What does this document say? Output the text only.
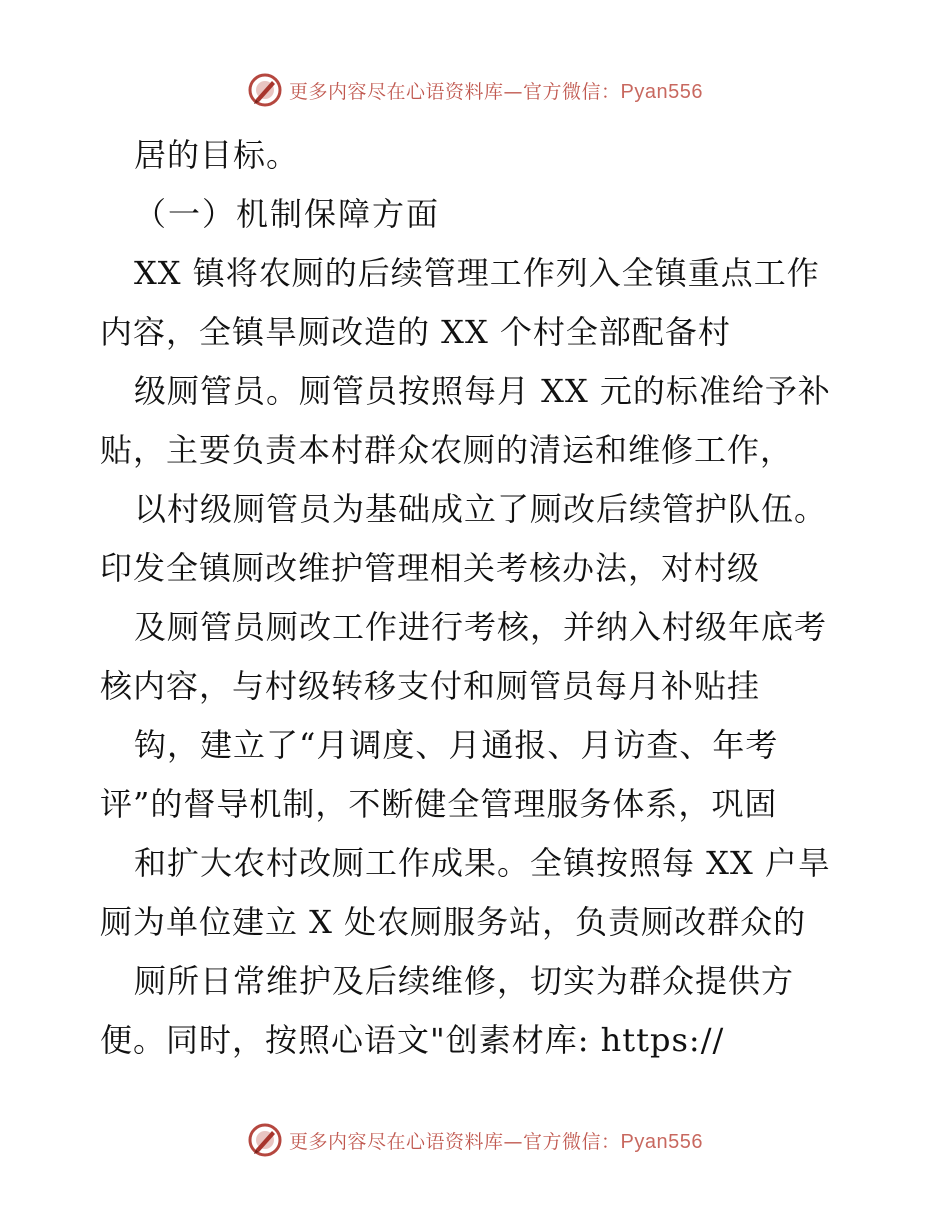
更多内容尽在心语资料库—官方微信：Pyan556
居的目标。
（一）机制保障方面
XX 镇将农厕的后续管理工作列入全镇重点工作
内容，全镇旱厕改造的 XX 个村全部配备村
级厕管员。厕管员按照每月 XX 元的标准给予补
贴，主要负责本村群众农厕的清运和维修工作，
以村级厕管员为基础成立了厕改后续管护队伍。
印发全镇厕改维护管理相关考核办法，对村级
及厕管员厕改工作进行考核，并纳入村级年底考
核内容，与村级转移支付和厕管员每月补贴挂
钩，建立了“月调度、月通报、月访查、年考
评”的督导机制，不断健全管理服务体系，巩固
和扩大农村改厕工作成果。全镇按照每 XX 户旱
厕为单位建立 X 处农厕服务站，负责厕改群众的
厕所日常维护及后续维修，切实为群众提供方
便。同时，按照心语文"创素材库: https://
更多内容尽在心语资料库—官方微信：Pyan556
